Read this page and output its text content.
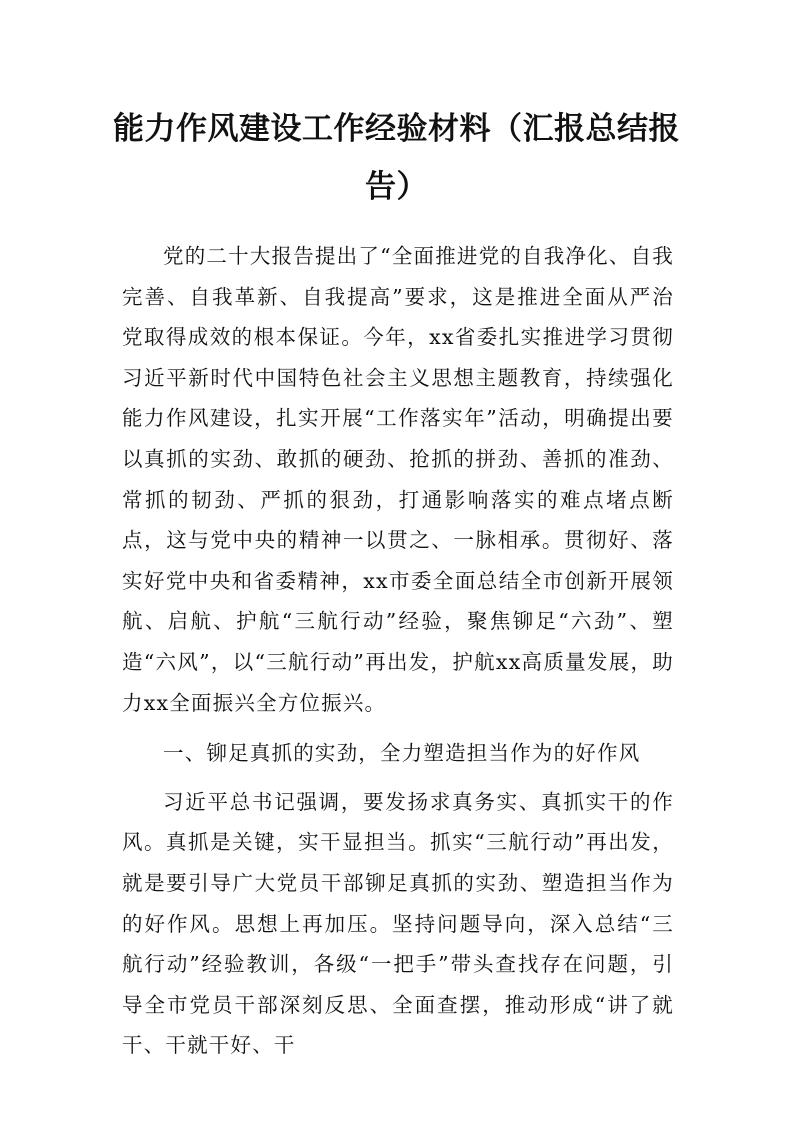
能力作风建设工作经验材料（汇报总结报告）

党的二十大报告提出了“全面推进党的自我净化、自我完善、自我革新、自我提高”要求，这是推进全面从严治党取得成效的根本保证。今年，xx省委扎实推进学习贯彻习近平新时代中国特色社会主义思想主题教育，持续强化能力作风建设，扎实开展“工作落实年”活动，明确提出要以真抓的实劲、敢抓的硬劲、抢抓的拼劲、善抓的准劲、常抓的韧劲、严抓的狠劲，打通影响落实的难点堵点断点，这与党中央的精神一以贯之、一脉相承。贯彻好、落实好党中央和省委精神，xx市委全面总结全市创新开展领航、启航、护航“三航行动”经验，聚焦铆足“六劲”、塑造“六风”，以“三航行动”再出发，护航xx高质量发展，助力xx全面振兴全方位振兴。

一、铆足真抓的实劲，全力塑造担当作为的好作风

习近平总书记强调，要发扬求真务实、真抓实干的作风。真抓是关键，实干显担当。抓实“三航行动”再出发，就是要引导广大党员干部铆足真抓的实劲、塑造担当作为的好作风。思想上再加压。坚持问题导向，深入总结“三航行动”经验教训，各级“一把手”带头查找存在问题，引导全市党员干部深刻反思、全面查摆，推动形成“讲了就干、干就干好、干
